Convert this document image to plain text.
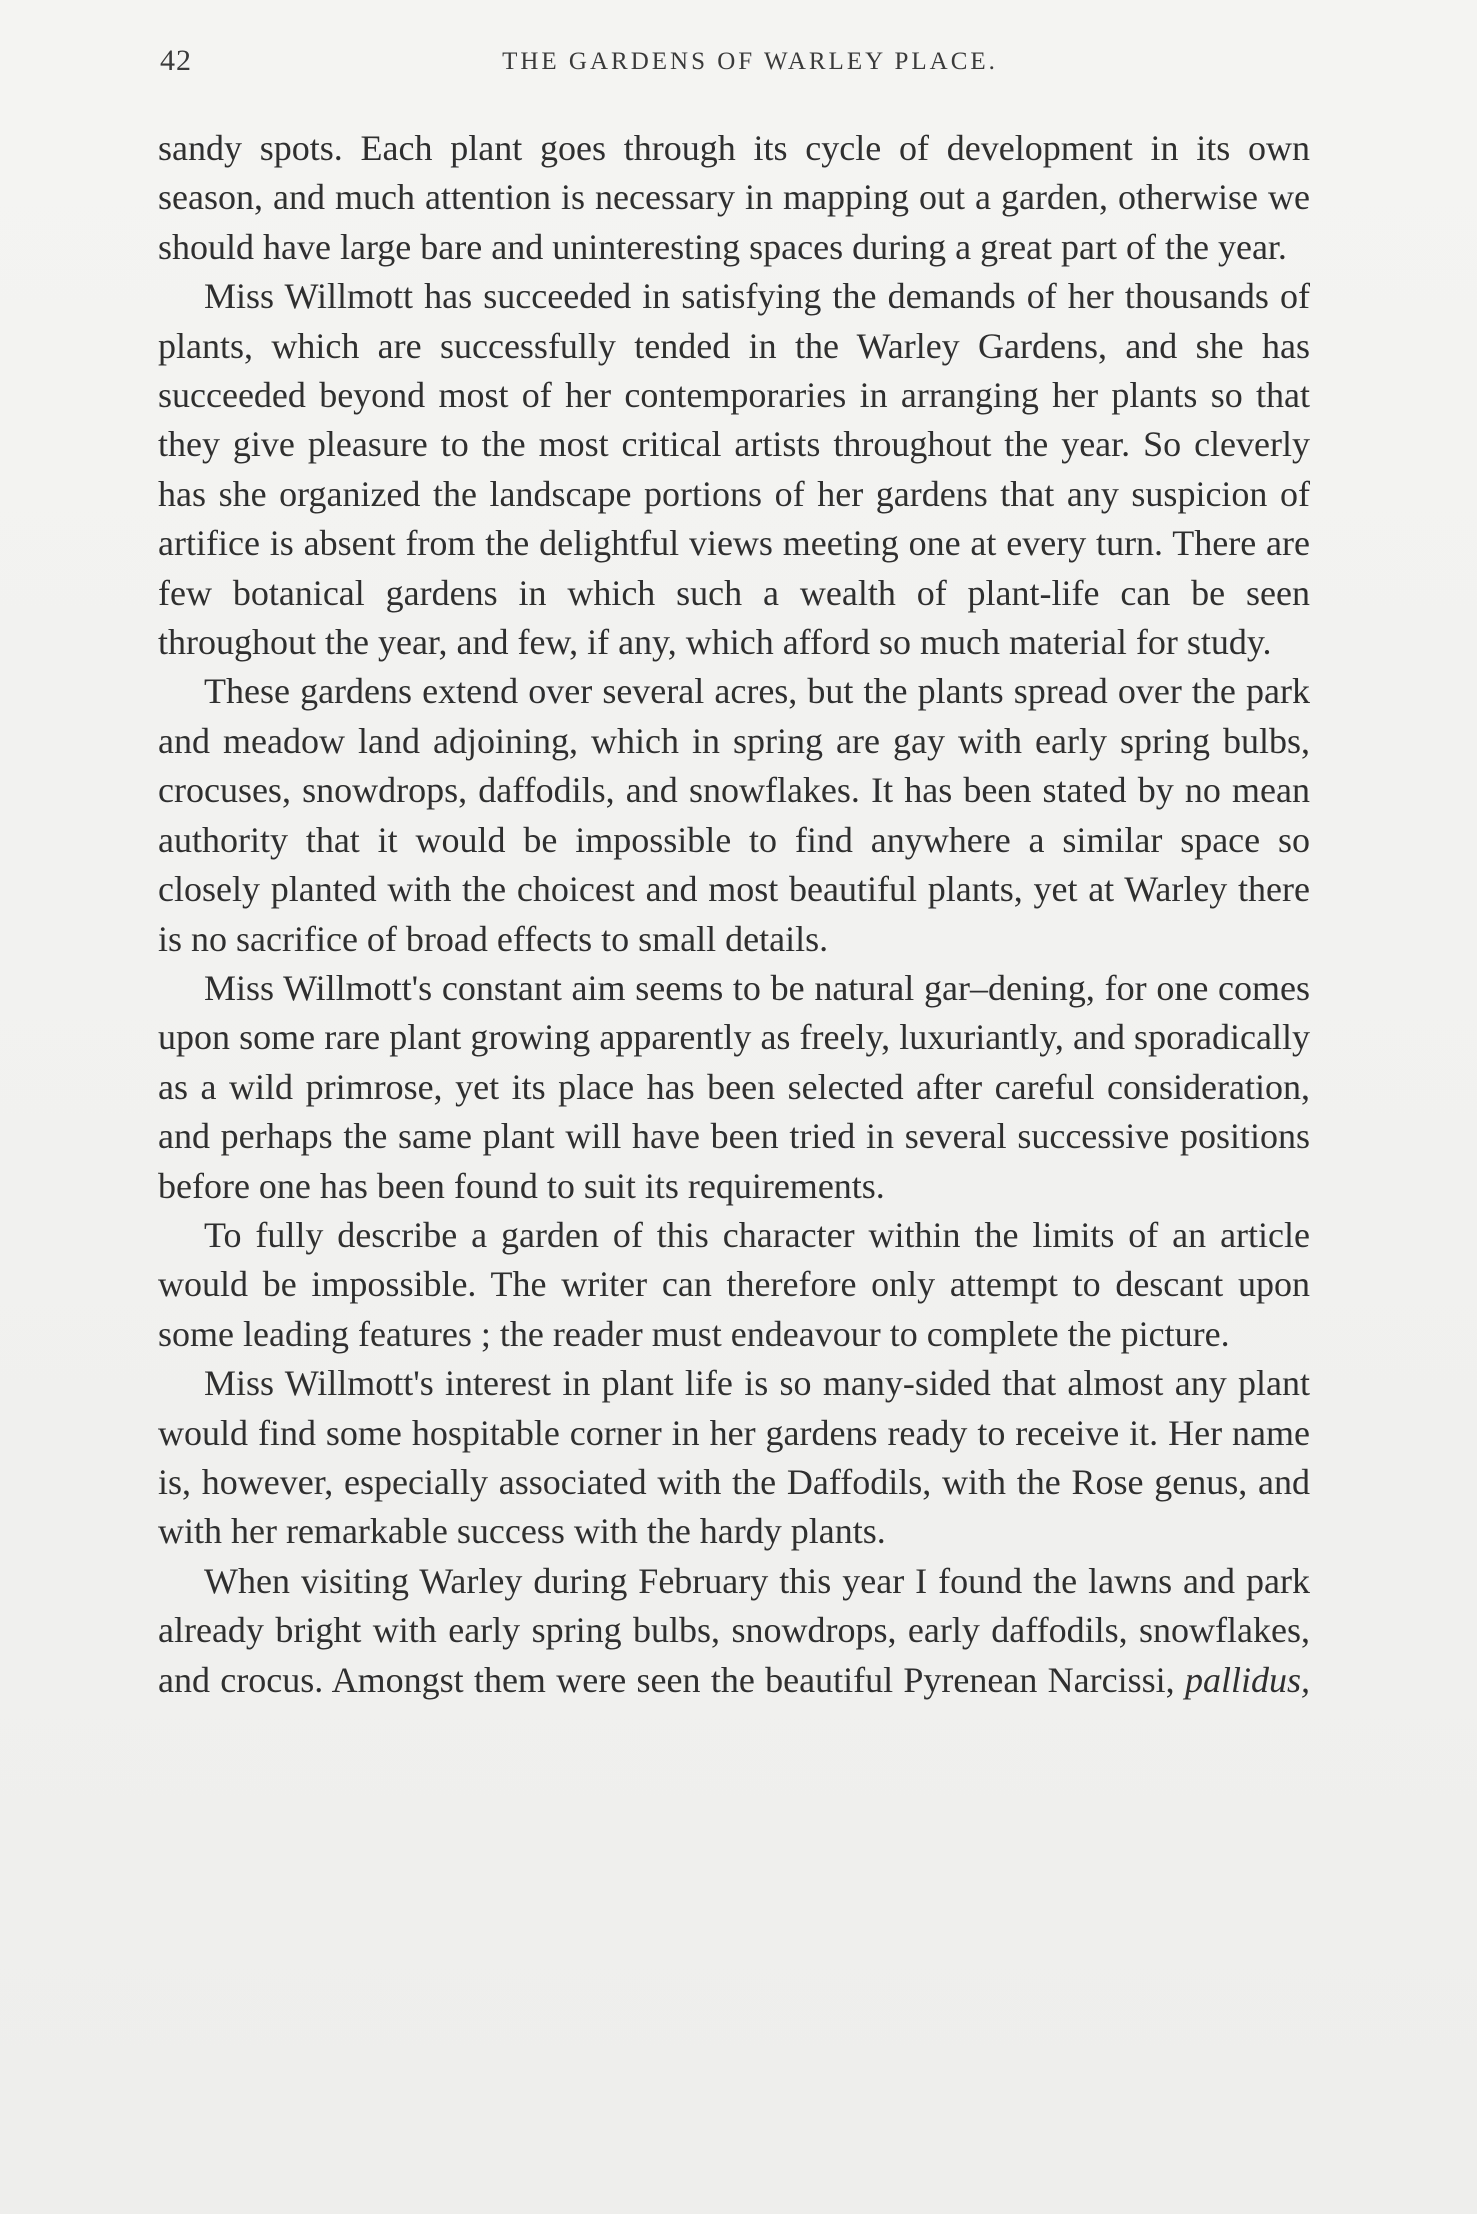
42	THE GARDENS OF WARLEY PLACE.

sandy spots. Each plant goes through its cycle of development in its own season, and much attention is necessary in mapping out a garden, otherwise we should have large bare and uninteresting spaces during a great part of the year.

Miss Willmott has succeeded in satisfying the demands of her thousands of plants, which are successfully tended in the Warley Gardens, and she has succeeded beyond most of her contemporaries in arranging her plants so that they give pleasure to the most critical artists throughout the year. So cleverly has she organized the landscape portions of her gardens that any suspicion of artifice is absent from the delightful views meeting one at every turn. There are few botanical gardens in which such a wealth of plant-life can be seen throughout the year, and few, if any, which afford so much material for study.

These gardens extend over several acres, but the plants spread over the park and meadow land adjoining, which in spring are gay with early spring bulbs, crocuses, snowdrops, daffodils, and snowflakes. It has been stated by no mean authority that it would be impossible to find anywhere a similar space so closely planted with the choicest and most beautiful plants, yet at Warley there is no sacrifice of broad effects to small details.

Miss Willmott's constant aim seems to be natural gar–dening, for one comes upon some rare plant growing apparently as freely, luxuriantly, and sporadically as a wild primrose, yet its place has been selected after careful consideration, and perhaps the same plant will have been tried in several successive positions before one has been found to suit its requirements.

To fully describe a garden of this character within the limits of an article would be impossible. The writer can therefore only attempt to descant upon some leading features ; the reader must endeavour to complete the picture.

Miss Willmott's interest in plant life is so many-sided that almost any plant would find some hospitable corner in her gardens ready to receive it. Her name is, however, especially associated with the Daffodils, with the Rose genus, and with her remarkable success with the hardy plants.

When visiting Warley during February this year I found the lawns and park already bright with early spring bulbs, snowdrops, early daffodils, snowflakes, and crocus. Amongst them were seen the beautiful Pyrenean Narcissi, pallidus,
